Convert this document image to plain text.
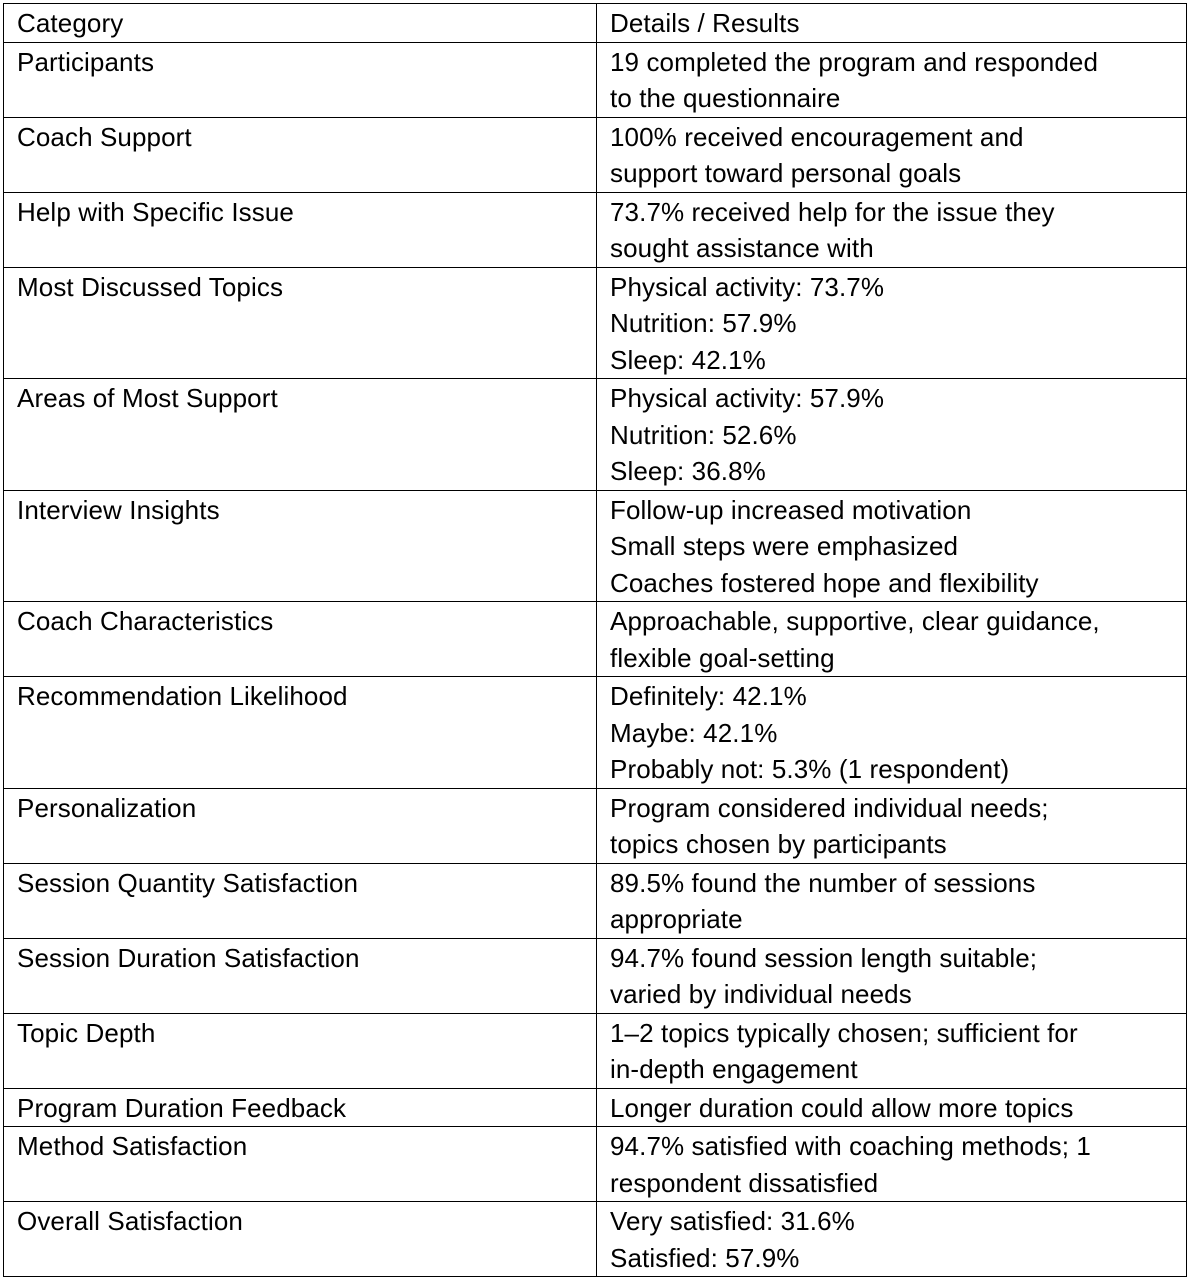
Category	Details / Results
Participants	19 completed the program and responded
to the questionnaire

Coach Support	100% received encouragement and
support toward personal goals

Help with Specific Issue	73.7% received help for the issue they
sought assistance with

Most Discussed Topics	Physical activity: 73.7%
Nutrition: 57.9%
Sleep: 42.1%

Areas of Most Support	Physical activity: 57.9%
Nutrition: 52.6%
Sleep: 36.8%

Interview Insights	Follow-up increased motivation
Small steps were emphasized
Coaches fostered hope and flexibility

Coach Characteristics	Approachable, supportive, clear guidance,
flexible goal-setting

Recommendation Likelihood	Definitely: 42.1%
Maybe: 42.1%
Probably not: 5.3% (1 respondent)

Personalization	Program considered individual needs;
topics chosen by participants

Session Quantity Satisfaction	89.5% found the number of sessions
appropriate

Session Duration Satisfaction	94.7% found session length suitable;
varied by individual needs

Topic Depth	1–2 topics typically chosen; sufficient for
in-depth engagement

Program Duration Feedback	Longer duration could allow more topics

Method Satisfaction	94.7% satisfied with coaching methods; 1
respondent dissatisfied

Overall Satisfaction	Very satisfied: 31.6%
Satisfied: 57.9%
